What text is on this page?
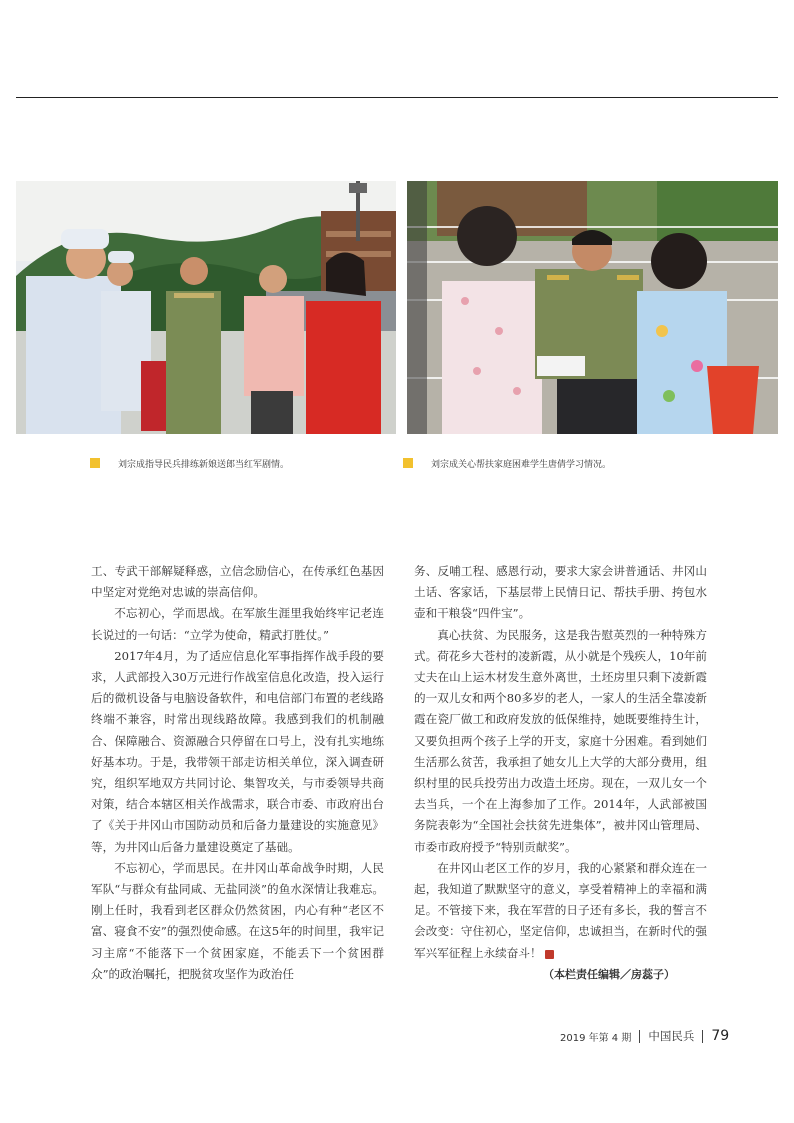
刘宗成指导民兵排练新娘送郎当红军剧情。	刘宗成关心帮扶家庭困难学生唐倩学习情况。

工、专武干部解疑释惑，立信念励信心，在传承红色基因中坚定对党绝对忠诚的崇高信仰。

不忘初心，学而思战。在军旅生涯里我始终牢记老连长说过的一句话：“立学为使命，精武打胜仗。”

2017年4月，为了适应信息化军事指挥作战手段的要求，人武部投入30万元进行作战室信息化改造，投入运行后的微机设备与电脑设备软件，和电信部门布置的老线路终端不兼容，时常出现线路故障。我感到我们的机制融合、保障融合、资源融合只停留在口号上，没有扎实地练好基本功。于是，我带领干部走访相关单位，深入调查研究，组织军地双方共同讨论、集智攻关，与市委领导共商对策，结合本辖区相关作战需求，联合市委、市政府出台了《关于井冈山市国防动员和后备力量建设的实施意见》等，为井冈山后备力量建设奠定了基础。

不忘初心，学而思民。在井冈山革命战争时期，人民军队“与群众有盐同咸、无盐同淡”的鱼水深情让我难忘。刚上任时，我看到老区群众仍然贫困，内心有种“老区不富、寝食不安”的强烈使命感。在这5年的时间里，我牢记习主席“不能落下一个贫困家庭，不能丢下一个贫困群众”的政治嘱托，把脱贫攻坚作为政治任

务、反哺工程、感恩行动，要求大家会讲普通话、井冈山土话、客家话，下基层带上民情日记、帮扶手册、挎包水壶和干粮袋“四件宝”。

真心扶贫、为民服务，这是我告慰英烈的一种特殊方式。荷花乡大苍村的凌新霞，从小就是个残疾人，10年前丈夫在山上运木材发生意外离世，土坯房里只剩下凌新霞的一双儿女和两个80多岁的老人，一家人的生活全靠凌新霞在瓷厂做工和政府发放的低保维持，她既要维持生计，又要负担两个孩子上学的开支，家庭十分困难。看到她们生活那么贫苦，我承担了她女儿上大学的大部分费用，组织村里的民兵投劳出力改造土坯房。现在，一双儿女一个去当兵，一个在上海参加了工作。2014年，人武部被国务院表彰为“全国社会扶贫先进集体”，被井冈山管理局、市委市政府授予“特别贡献奖”。

在井冈山老区工作的岁月，我的心紧紧和群众连在一起，我知道了默默坚守的意义，享受着精神上的幸福和满足。不管接下来，我在军营的日子还有多长，我的誓言不会改变：守住初心，坚定信仰，忠诚担当，在新时代的强军兴军征程上永续奋斗！	N

（本栏责任编辑／房蕊子）

2019 年第 4 期 中国民兵 79
